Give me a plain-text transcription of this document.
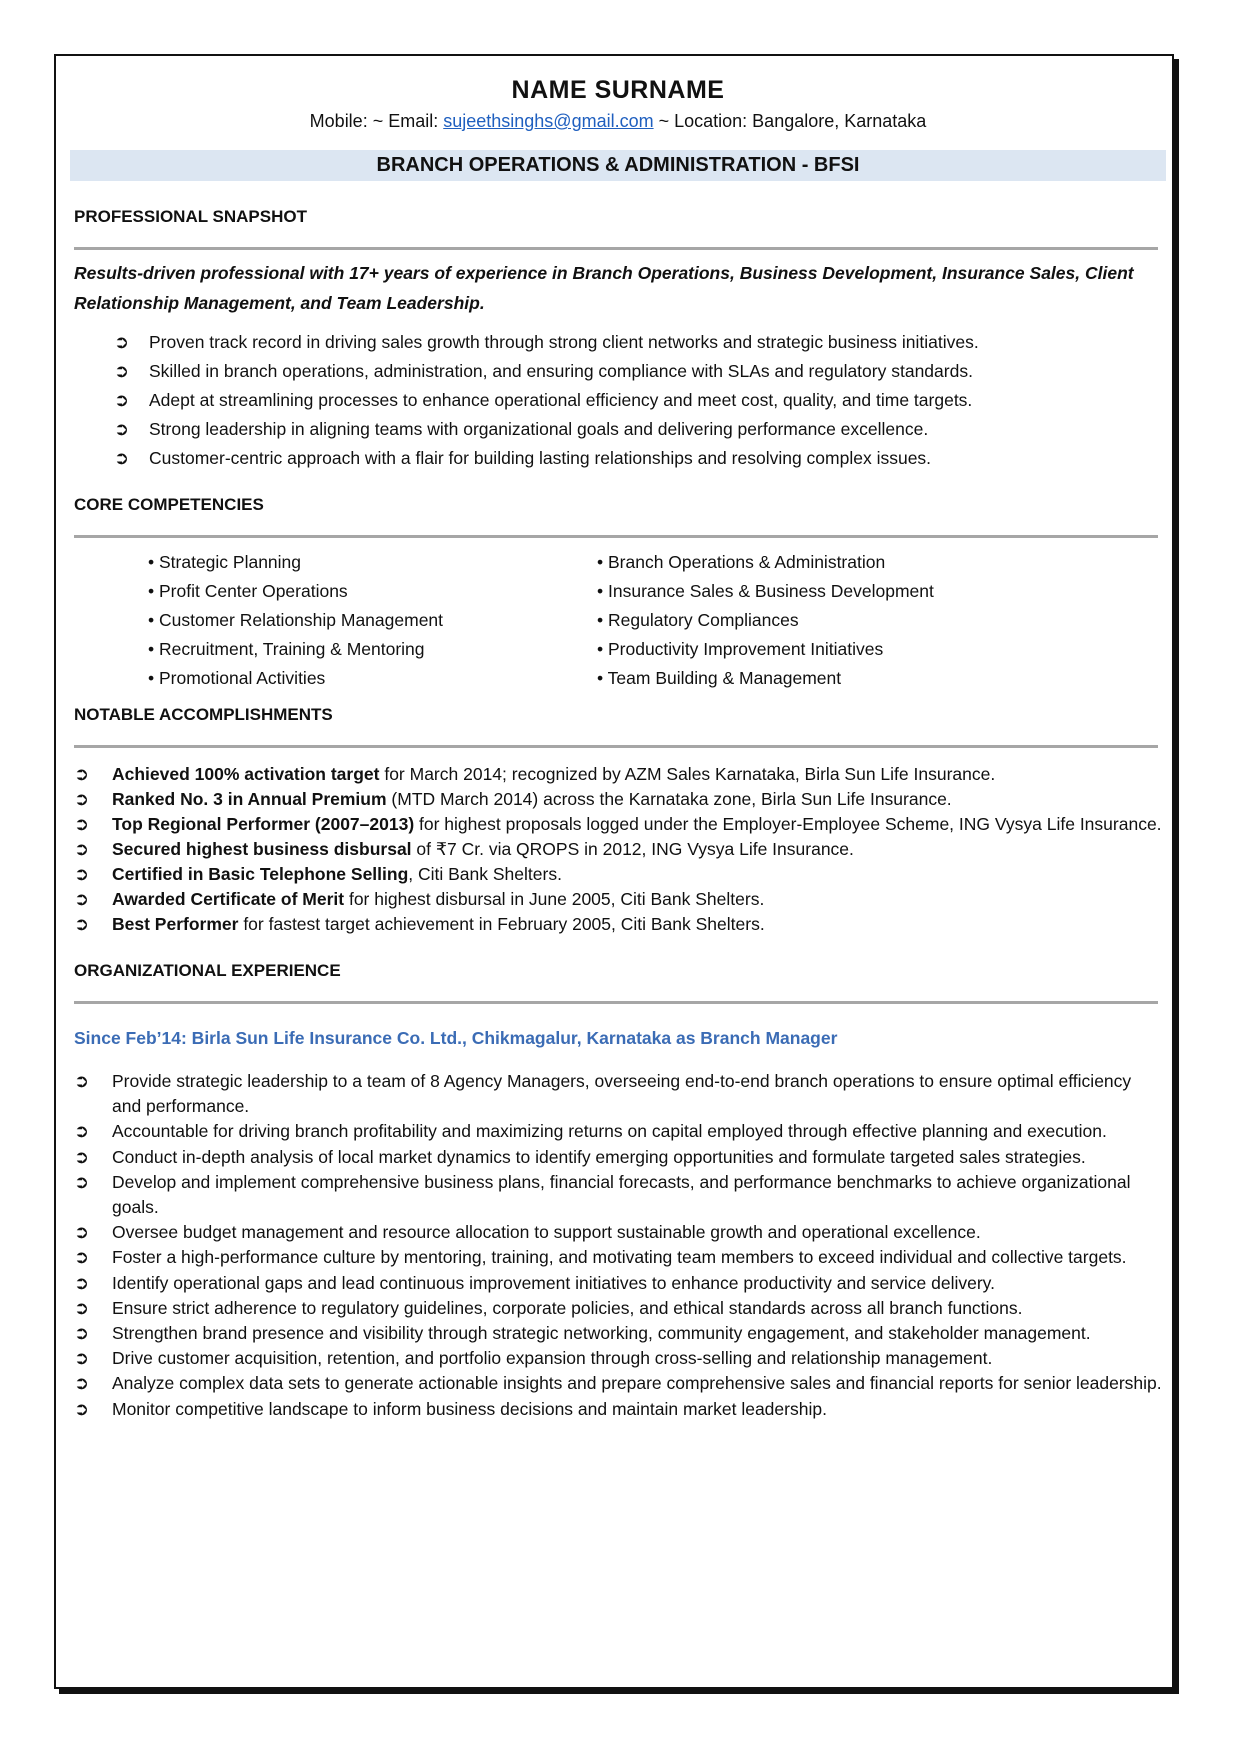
NAME SURNAME
Mobile: ~ Email: sujeethsinghs@gmail.com ~ Location: Bangalore, Karnataka
BRANCH OPERATIONS & ADMINISTRATION - BFSI
PROFESSIONAL SNAPSHOT
Results-driven professional with 17+ years of experience in Branch Operations, Business Development, Insurance Sales, Client Relationship Management, and Team Leadership.
➲ Proven track record in driving sales growth through strong client networks and strategic business initiatives.
➲ Skilled in branch operations, administration, and ensuring compliance with SLAs and regulatory standards.
➲ Adept at streamlining processes to enhance operational efficiency and meet cost, quality, and time targets.
➲ Strong leadership in aligning teams with organizational goals and delivering performance excellence.
➲ Customer-centric approach with a flair for building lasting relationships and resolving complex issues.
CORE COMPETENCIES
• Strategic Planning
• Profit Center Operations
• Customer Relationship Management
• Recruitment, Training & Mentoring
• Promotional Activities
• Branch Operations & Administration
• Insurance Sales & Business Development
• Regulatory Compliances
• Productivity Improvement Initiatives
• Team Building & Management
NOTABLE ACCOMPLISHMENTS
➲ Achieved 100% activation target for March 2014; recognized by AZM Sales Karnataka, Birla Sun Life Insurance.
➲ Ranked No. 3 in Annual Premium (MTD March 2014) across the Karnataka zone, Birla Sun Life Insurance.
➲ Top Regional Performer (2007–2013) for highest proposals logged under the Employer-Employee Scheme, ING Vysya Life Insurance.
➲ Secured highest business disbursal of ₹7 Cr. via QROPS in 2012, ING Vysya Life Insurance.
➲ Certified in Basic Telephone Selling, Citi Bank Shelters.
➲ Awarded Certificate of Merit for highest disbursal in June 2005, Citi Bank Shelters.
➲ Best Performer for fastest target achievement in February 2005, Citi Bank Shelters.
ORGANIZATIONAL EXPERIENCE
Since Feb’14: Birla Sun Life Insurance Co. Ltd., Chikmagalur, Karnataka as Branch Manager
➲ Provide strategic leadership to a team of 8 Agency Managers, overseeing end-to-end branch operations to ensure optimal efficiency and performance.
➲ Accountable for driving branch profitability and maximizing returns on capital employed through effective planning and execution.
➲ Conduct in-depth analysis of local market dynamics to identify emerging opportunities and formulate targeted sales strategies.
➲ Develop and implement comprehensive business plans, financial forecasts, and performance benchmarks to achieve organizational goals.
➲ Oversee budget management and resource allocation to support sustainable growth and operational excellence.
➲ Foster a high-performance culture by mentoring, training, and motivating team members to exceed individual and collective targets.
➲ Identify operational gaps and lead continuous improvement initiatives to enhance productivity and service delivery.
➲ Ensure strict adherence to regulatory guidelines, corporate policies, and ethical standards across all branch functions.
➲ Strengthen brand presence and visibility through strategic networking, community engagement, and stakeholder management.
➲ Drive customer acquisition, retention, and portfolio expansion through cross-selling and relationship management.
➲ Analyze complex data sets to generate actionable insights and prepare comprehensive sales and financial reports for senior leadership.
➲ Monitor competitive landscape to inform business decisions and maintain market leadership.
